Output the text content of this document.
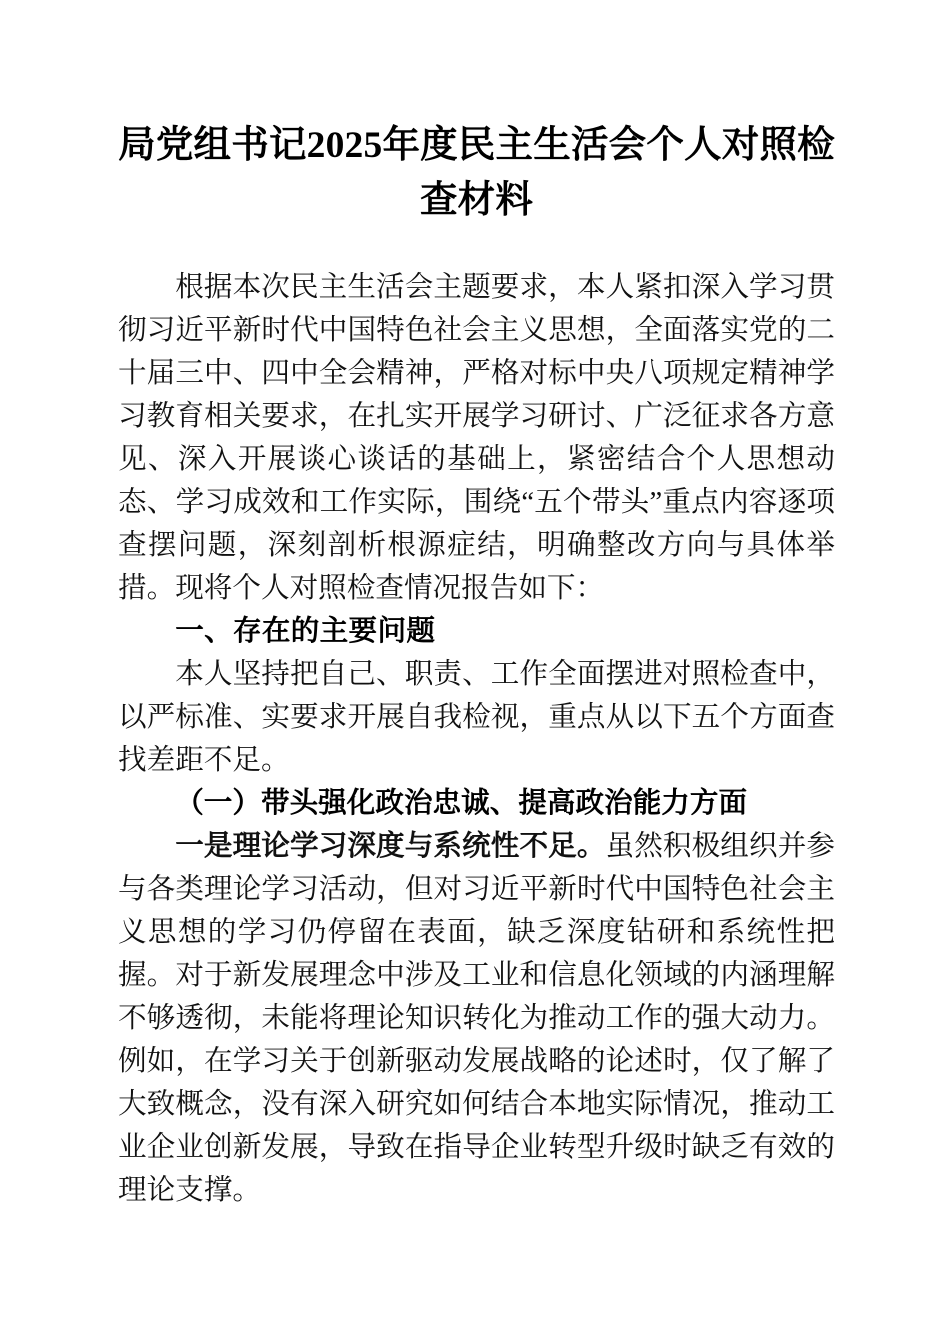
局党组书记2025年度民主生活会个人对照检
查材料

根据本次民主生活会主题要求，本人紧扣深入学习贯彻习近平新时代中国特色社会主义思想，全面落实党的二十届三中、四中全会精神，严格对标中央八项规定精神学习教育相关要求，在扎实开展学习研讨、广泛征求各方意见、深入开展谈心谈话的基础上，紧密结合个人思想动态、学习成效和工作实际，围绕“五个带头”重点内容逐项查摆问题，深刻剖析根源症结，明确整改方向与具体举措。现将个人对照检查情况报告如下：

一、存在的主要问题

本人坚持把自己、职责、工作全面摆进对照检查中，以严标准、实要求开展自我检视，重点从以下五个方面查找差距不足。

（一）带头强化政治忠诚、提高政治能力方面

一是理论学习深度与系统性不足。虽然积极组织并参与各类理论学习活动，但对习近平新时代中国特色社会主义思想的学习仍停留在表面，缺乏深度钻研和系统性把握。对于新发展理念中涉及工业和信息化领域的内涵理解不够透彻，未能将理论知识转化为推动工作的强大动力。例如，在学习关于创新驱动发展战略的论述时，仅了解了大致概念，没有深入研究如何结合本地实际情况，推动工业企业创新发展，导致在指导企业转型升级时缺乏有效的理论支撑。
